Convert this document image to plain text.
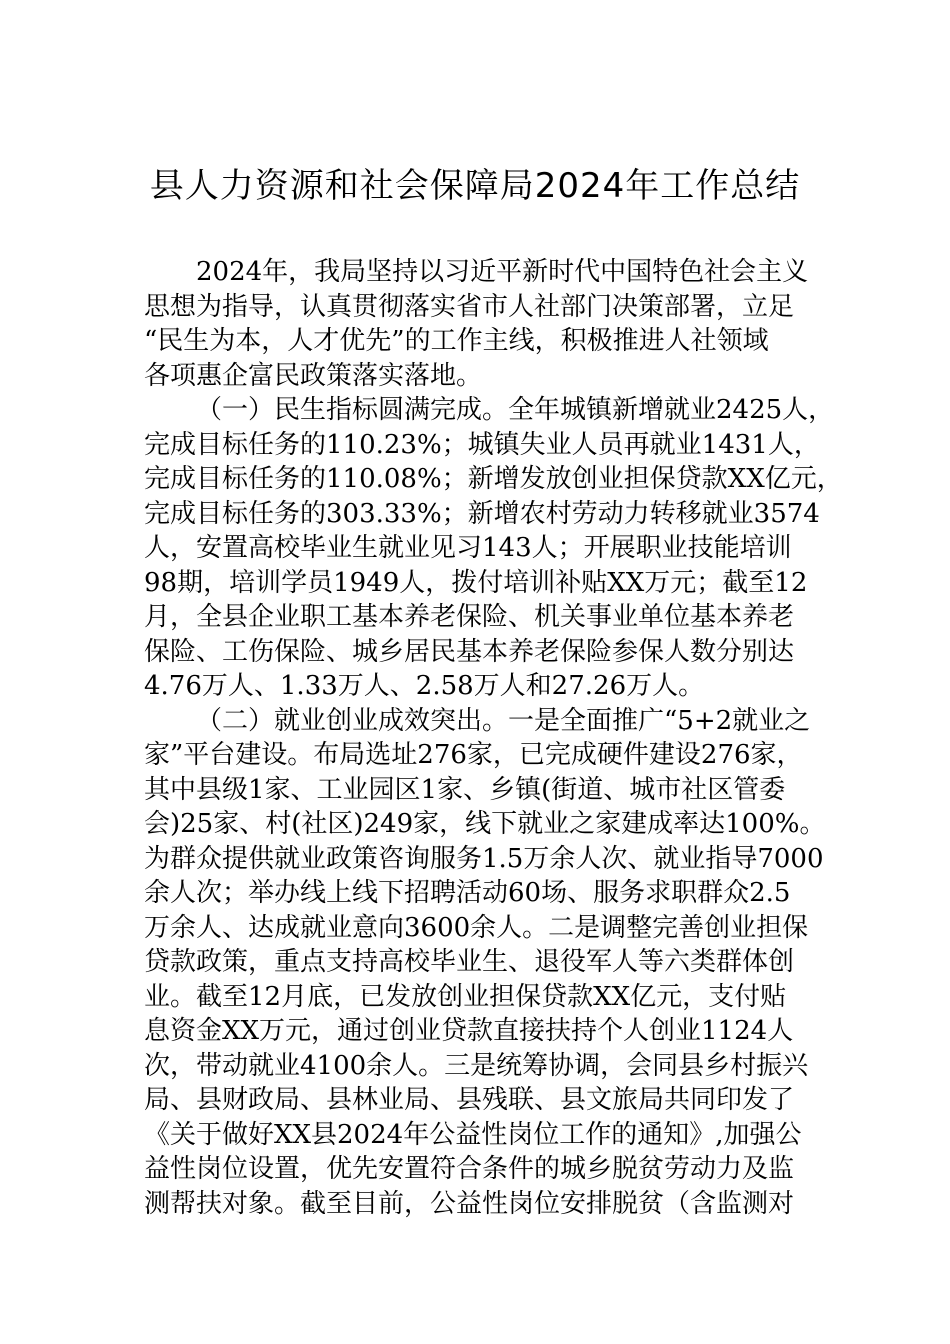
县人力资源和社会保障局2024年工作总结
2024年，我局坚持以习近平新时代中国特色社会主义
思想为指导，认真贯彻落实省市人社部门决策部署，立足
“民生为本，人才优先”的工作主线，积极推进人社领域
各项惠企富民政策落实落地。
（一）民生指标圆满完成。全年城镇新增就业2425人，
完成目标任务的110.23%；城镇失业人员再就业1431人，
完成目标任务的110.08%；新增发放创业担保贷款XX亿元，
完成目标任务的303.33%；新增农村劳动力转移就业3574
人，安置高校毕业生就业见习143人；开展职业技能培训
98期，培训学员1949人，拨付培训补贴XX万元；截至12
月，全县企业职工基本养老保险、机关事业单位基本养老
保险、工伤保险、城乡居民基本养老保险参保人数分别达
4.76万人、1.33万人、2.58万人和27.26万人。
（二）就业创业成效突出。一是全面推广“5+2就业之
家”平台建设。布局选址276家，已完成硬件建设276家，
其中县级1家、工业园区1家、乡镇(街道、城市社区管委
会)25家、村(社区)249家，线下就业之家建成率达100%。
为群众提供就业政策咨询服务1.5万余人次、就业指导7000
余人次；举办线上线下招聘活动60场、服务求职群众2.5
万余人、达成就业意向3600余人。二是调整完善创业担保
贷款政策，重点支持高校毕业生、退役军人等六类群体创
业。截至12月底，已发放创业担保贷款XX亿元，支付贴
息资金XX万元，通过创业贷款直接扶持个人创业1124人
次，带动就业4100余人。三是统筹协调，会同县乡村振兴
局、县财政局、县林业局、县残联、县文旅局共同印发了
《关于做好XX县2024年公益性岗位工作的通知》,加强公
益性岗位设置，优先安置符合条件的城乡脱贫劳动力及监
测帮扶对象。截至目前，公益性岗位安排脱贫（含监测对
